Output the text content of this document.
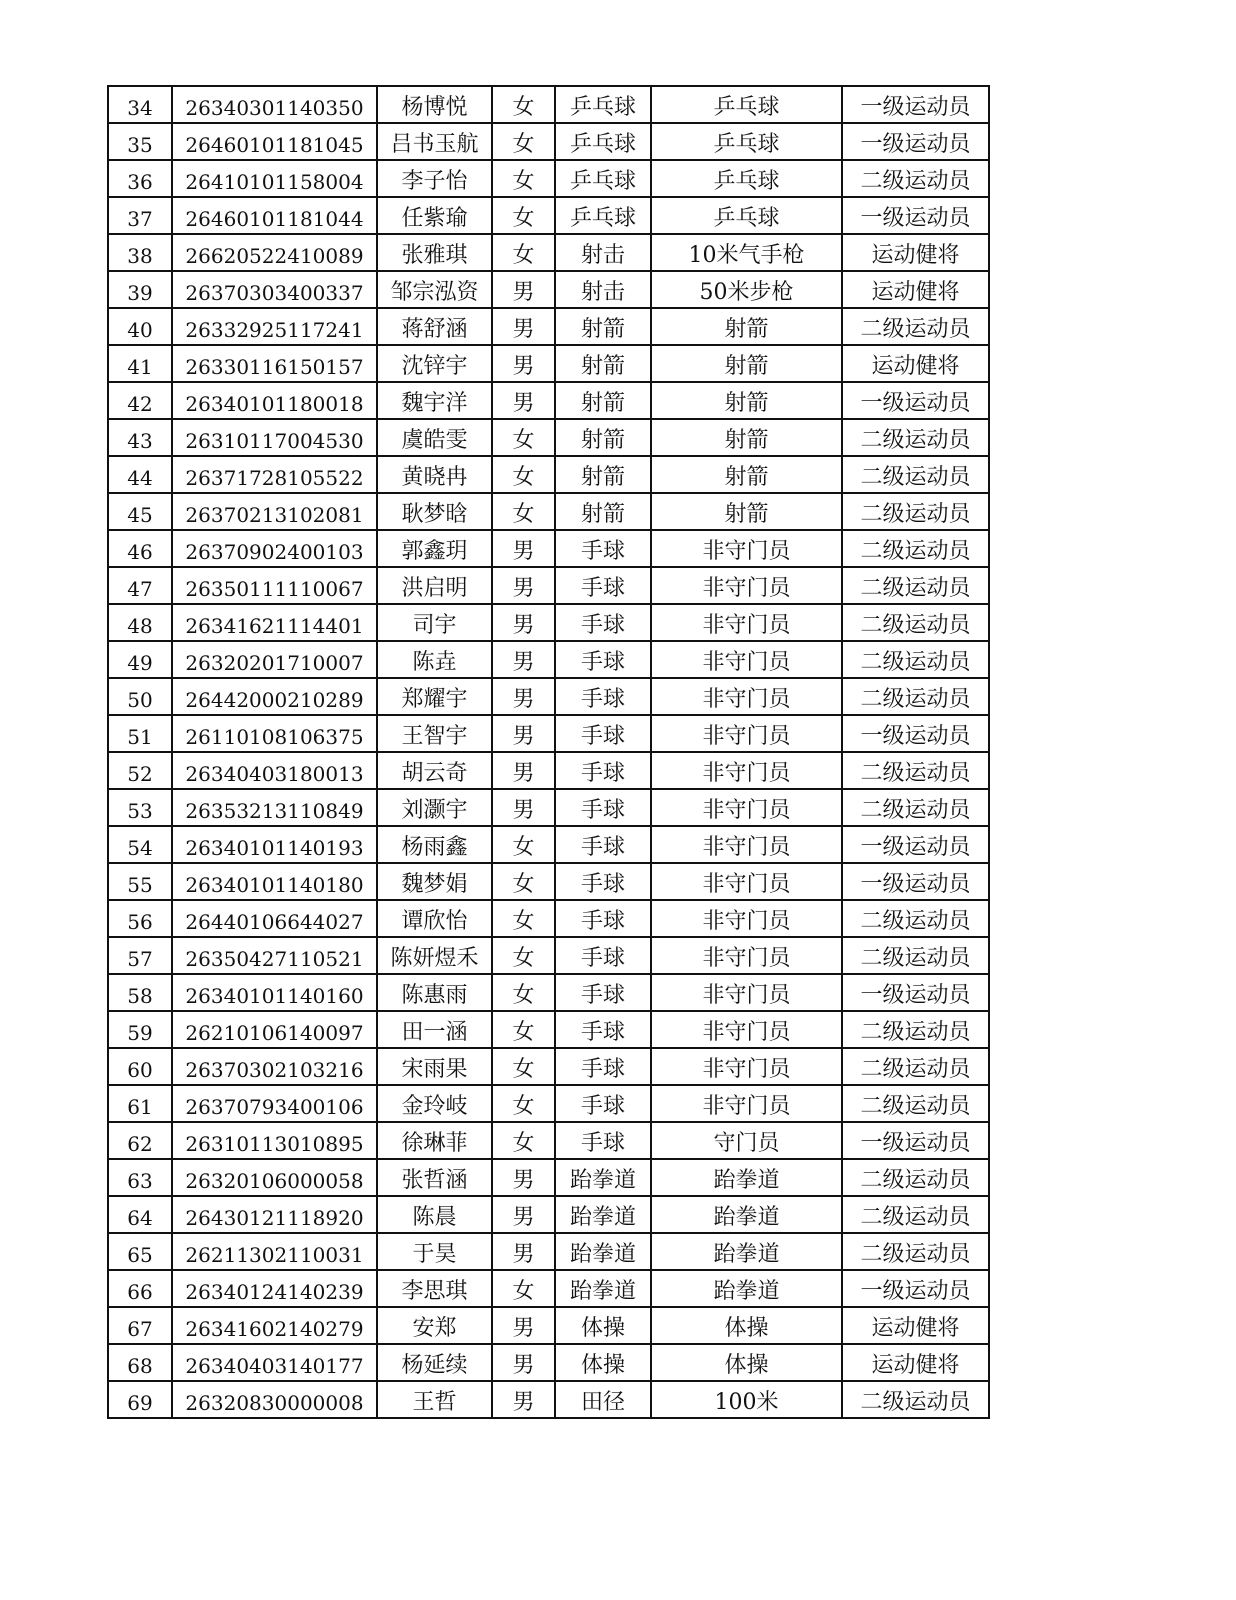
34	26340301140350	杨博悦	女	乒乓球	乒乓球	一级运动员
35	26460101181045	吕书玉航	女	乒乓球	乒乓球	一级运动员
36	26410101158004	李子怡	女	乒乓球	乒乓球	二级运动员
37	26460101181044	任紫瑜	女	乒乓球	乒乓球	一级运动员
38	26620522410089	张雅琪	女	射击	10米气手枪	运动健将
39	26370303400337	邹宗泓资	男	射击	50米步枪	运动健将
40	26332925117241	蒋舒涵	男	射箭	射箭	二级运动员
41	26330116150157	沈锌宇	男	射箭	射箭	运动健将
42	26340101180018	魏宇洋	男	射箭	射箭	一级运动员
43	26310117004530	虞皓雯	女	射箭	射箭	二级运动员
44	26371728105522	黄晓冉	女	射箭	射箭	二级运动员
45	26370213102081	耿梦晗	女	射箭	射箭	二级运动员
46	26370902400103	郭鑫玥	男	手球	非守门员	二级运动员
47	26350111110067	洪启明	男	手球	非守门员	二级运动员
48	26341621114401	司宇	男	手球	非守门员	二级运动员
49	26320201710007	陈垚	男	手球	非守门员	二级运动员
50	26442000210289	郑耀宇	男	手球	非守门员	二级运动员
51	26110108106375	王智宇	男	手球	非守门员	一级运动员
52	26340403180013	胡云奇	男	手球	非守门员	二级运动员
53	26353213110849	刘灏宇	男	手球	非守门员	二级运动员
54	26340101140193	杨雨鑫	女	手球	非守门员	一级运动员
55	26340101140180	魏梦娟	女	手球	非守门员	一级运动员
56	26440106644027	谭欣怡	女	手球	非守门员	二级运动员
57	26350427110521	陈妍煜禾	女	手球	非守门员	二级运动员
58	26340101140160	陈惠雨	女	手球	非守门员	一级运动员
59	26210106140097	田一涵	女	手球	非守门员	二级运动员
60	26370302103216	宋雨果	女	手球	非守门员	二级运动员
61	26370793400106	金玲岐	女	手球	非守门员	二级运动员
62	26310113010895	徐琳菲	女	手球	守门员	一级运动员
63	26320106000058	张哲涵	男	跆拳道	跆拳道	二级运动员
64	26430121118920	陈晨	男	跆拳道	跆拳道	二级运动员
65	26211302110031	于昊	男	跆拳道	跆拳道	二级运动员
66	26340124140239	李思琪	女	跆拳道	跆拳道	一级运动员
67	26341602140279	安郑	男	体操	体操	运动健将
68	26340403140177	杨延续	男	体操	体操	运动健将
69	26320830000008	王哲	男	田径	100米	二级运动员
